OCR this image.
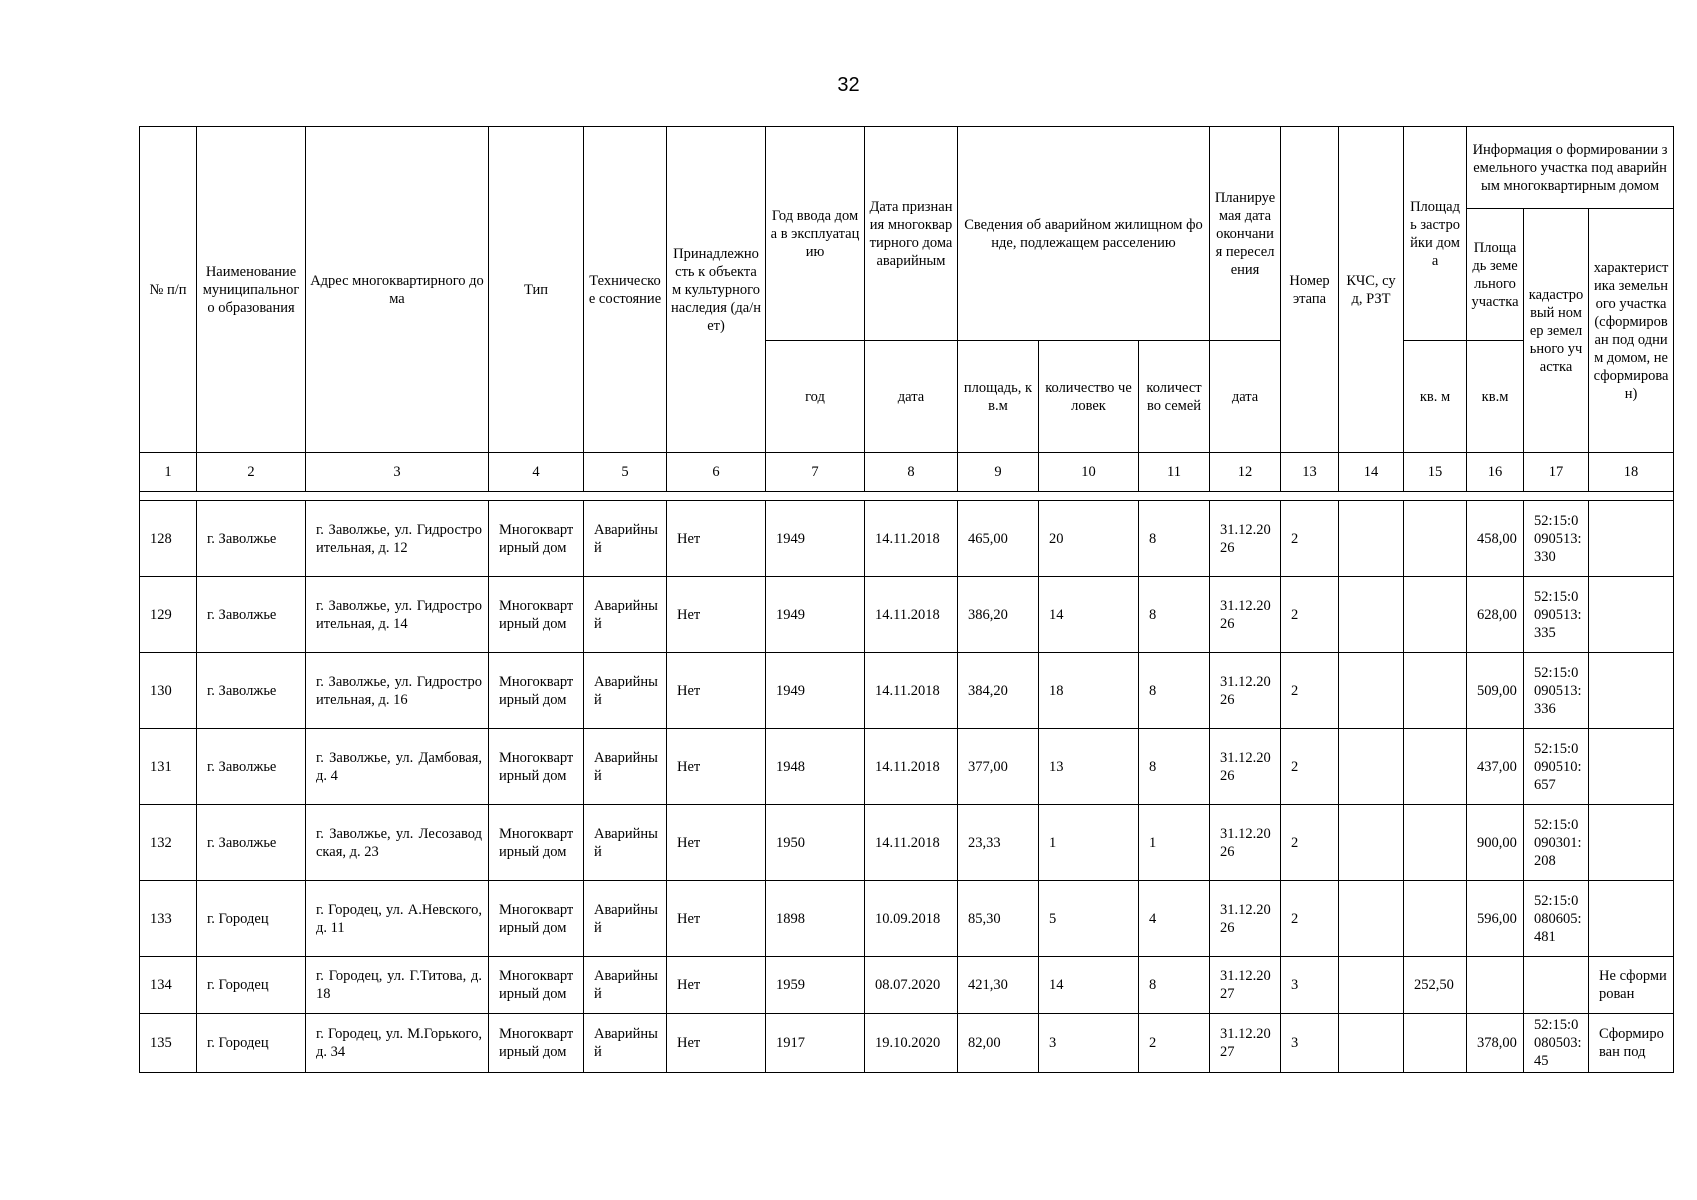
32
№ п/п	Наименование муниципального образования	Адрес многоквартирного дома	Тип	Техническое состояние	Принадлежность к объектам культурного наследия (да/нет)	Год ввода дома в эксплуатацию	Дата признания многоквартирного дома аварийным	Сведения об аварийном жилищном фонде, подлежащем расселению			Планируемая дата окончания переселения	Номер этапа	КЧС, суд, РЗТ	Площадь застройки дома	Информация о формировании земельного участка под аварийным многоквартирным домом		
															Площадь земельного участка	кадастровый номер земельного участка	характеристика земельного участка (сформирован под одним домом, не сформирован)
						год	дата	площадь, кв.м	количество человек	количество семей	дата			кв. м	кв.м		
1	2	3	4	5	6	7	8	9	10	11	12	13	14	15	16	17	18

128	г. Заволжье	г. Заволжье, ул. Гидростроительная, д. 12	Многоквартирный дом	Аварийный	Нет	1949	14.11.2018	465,00	20	8	31.12.2026	2			458,00	52:15:0090513:330	
129	г. Заволжье	г. Заволжье, ул. Гидростроительная, д. 14	Многоквартирный дом	Аварийный	Нет	1949	14.11.2018	386,20	14	8	31.12.2026	2			628,00	52:15:0090513:335	
130	г. Заволжье	г. Заволжье, ул. Гидростроительная, д. 16	Многоквартирный дом	Аварийный	Нет	1949	14.11.2018	384,20	18	8	31.12.2026	2			509,00	52:15:0090513:336	
131	г. Заволжье	г. Заволжье, ул. Дамбовая, д. 4	Многоквартирный дом	Аварийный	Нет	1948	14.11.2018	377,00	13	8	31.12.2026	2			437,00	52:15:0090510:657	
132	г. Заволжье	г. Заволжье, ул. Лесозаводская, д. 23	Многоквартирный дом	Аварийный	Нет	1950	14.11.2018	23,33	1	1	31.12.2026	2			900,00	52:15:0090301:208	
133	г. Городец	г. Городец, ул. А.Невского, д. 11	Многоквартирный дом	Аварийный	Нет	1898	10.09.2018	85,30	5	4	31.12.2026	2			596,00	52:15:0080605:481	
134	г. Городец	г. Городец, ул. Г.Титова, д. 18	Многоквартирный дом	Аварийный	Нет	1959	08.07.2020	421,30	14	8	31.12.2027	3		252,50			Не сформирован
135	г. Городец	г. Городец, ул. М.Горького, д. 34	Многоквартирный дом	Аварийный	Нет	1917	19.10.2020	82,00	3	2	31.12.2027	3			378,00	52:15:0080503:45	Сформирован под
